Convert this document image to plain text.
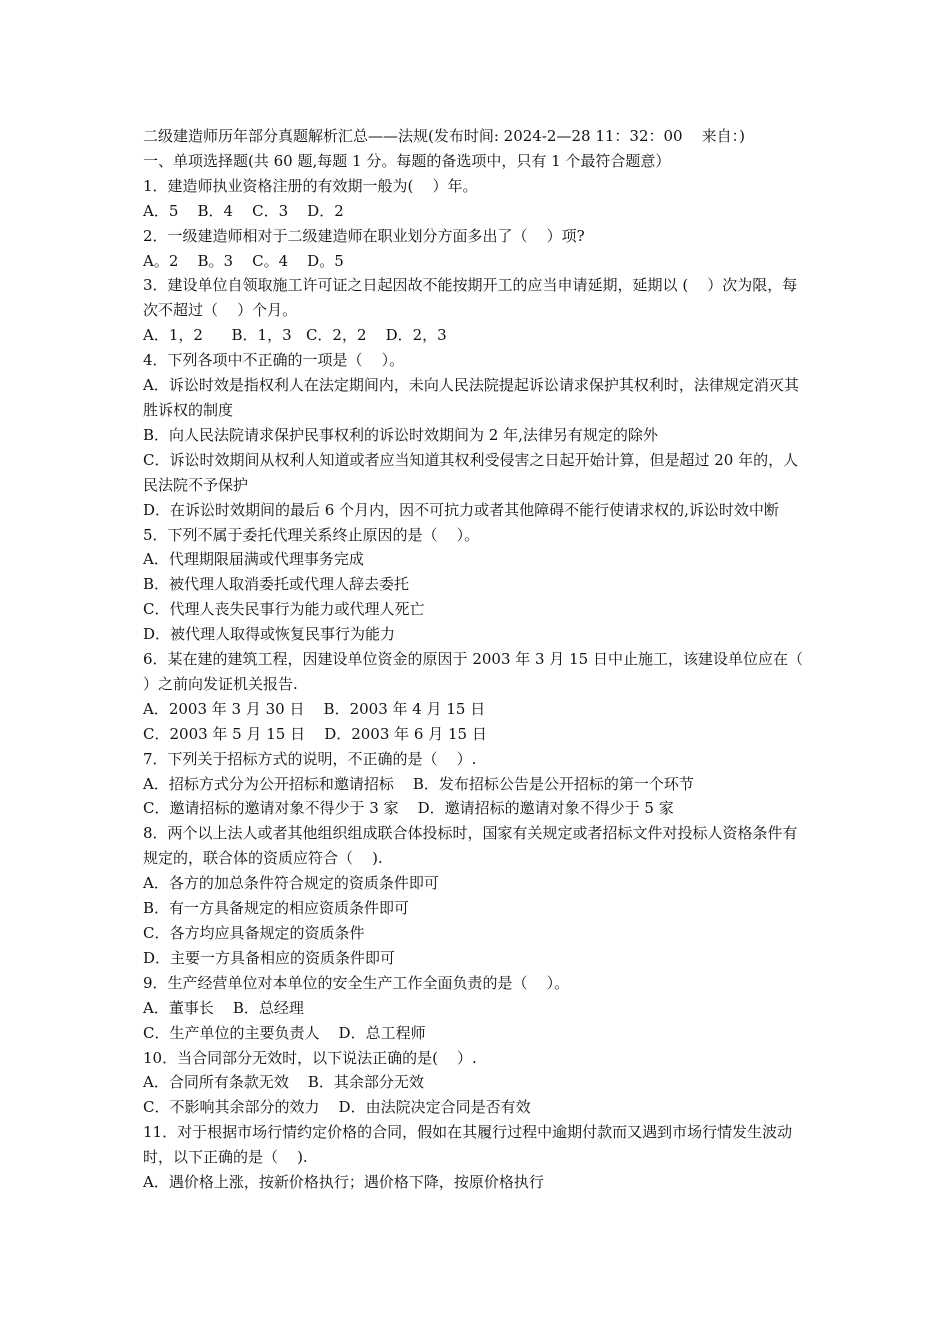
二级建造师历年部分真题解析汇总——法规(发布时间: 2024-2—28 11：32：00    来自：)

一、单项选择题(共 60 题,每题 1 分。每题的备选项中，只有 1 个最符合题意）

1．建造师执业资格注册的有效期一般为(    ）年。

A．5    B．4    C．3    D．2

2．一级建造师相对于二级建造师在职业划分方面多出了（    ）项?

A。2    B。3    C。4    D。5

3．建设单位自领取施工许可证之日起因故不能按期开工的应当申请延期，延期以 (    ）次为限，每次不超过（    ）个月。

A．1，2      B．1，3   C．2，2    D．2，3

4．下列各项中不正确的一项是（    ）。

A．诉讼时效是指权利人在法定期间内，未向人民法院提起诉讼请求保护其权利时，法律规定消灭其胜诉权的制度

B．向人民法院请求保护民事权利的诉讼时效期间为 2 年,法律另有规定的除外

C．诉讼时效期间从权利人知道或者应当知道其权利受侵害之日起开始计算，但是超过 20 年的，人民法院不予保护

D．在诉讼时效期间的最后 6 个月内，因不可抗力或者其他障碍不能行使请求权的,诉讼时效中断

5．下列不属于委托代理关系终止原因的是（    ）。

A．代理期限届满或代理事务完成

B．被代理人取消委托或代理人辞去委托

C．代理人丧失民事行为能力或代理人死亡

D．被代理人取得或恢复民事行为能力

6．某在建的建筑工程，因建设单位资金的原因于 2003 年 3 月 15 日中止施工，该建设单位应在（    ）之前向发证机关报告.

A．2003 年 3 月 30 日    B．2003 年 4 月 15 日

C．2003 年 5 月 15 日    D．2003 年 6 月 15 日

7．下列关于招标方式的说明，不正确的是（    ）.

A．招标方式分为公开招标和邀请招标    B．发布招标公告是公开招标的第一个环节

C．邀请招标的邀请对象不得少于 3 家    D．邀请招标的邀请对象不得少于 5 家

8．两个以上法人或者其他组织组成联合体投标时，国家有关规定或者招标文件对投标人资格条件有规定的，联合体的资质应符合（    ).

A．各方的加总条件符合规定的资质条件即可

B．有一方具备规定的相应资质条件即可

C．各方均应具备规定的资质条件

D．主要一方具备相应的资质条件即可

9．生产经营单位对本单位的安全生产工作全面负责的是（    ）。

A．董事长    B．总经理

C．生产单位的主要负责人    D．总工程师

10．当合同部分无效时，以下说法正确的是(    ）.

A．合同所有条款无效    B．其余部分无效

C．不影响其余部分的效力    D．由法院决定合同是否有效

11．对于根据市场行情约定价格的合同，假如在其履行过程中逾期付款而又遇到市场行情发生波动时，以下正确的是（    ).

A．遇价格上涨，按新价格执行；遇价格下降，按原价格执行
